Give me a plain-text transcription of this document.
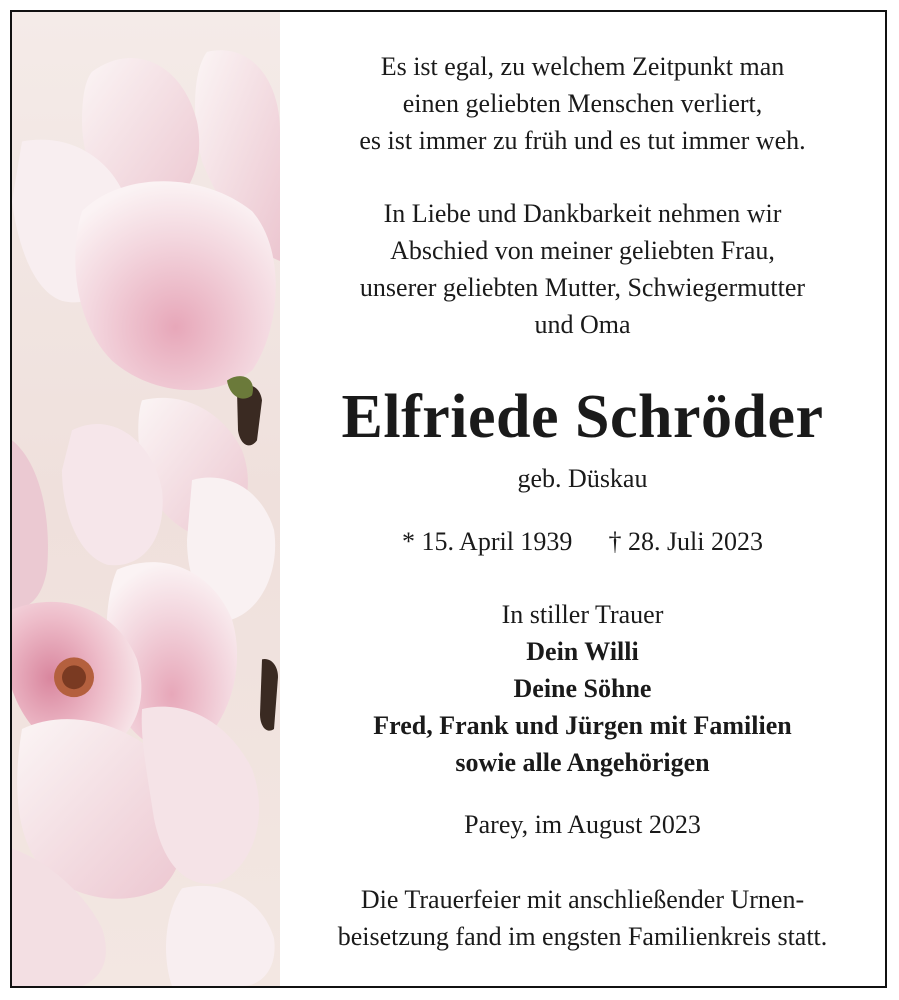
Es ist egal, zu welchem Zeitpunkt man

einen geliebten Menschen verliert,

es ist immer zu früh und es tut immer weh.

In Liebe und Dankbarkeit nehmen wir

Abschied von meiner geliebten Frau,

unserer geliebten Mutter, Schwiegermutter

und Oma

Elfriede Schröder

geb. Düskau

* 15. April 1939 † 28. Juli 2023

In stiller Trauer

Dein Willi

Deine Söhne

Fred, Frank und Jürgen mit Familien

sowie alle Angehörigen

Parey, im August 2023

Die Trauerfeier mit anschließender Urnen-

beisetzung fand im engsten Familienkreis statt.
